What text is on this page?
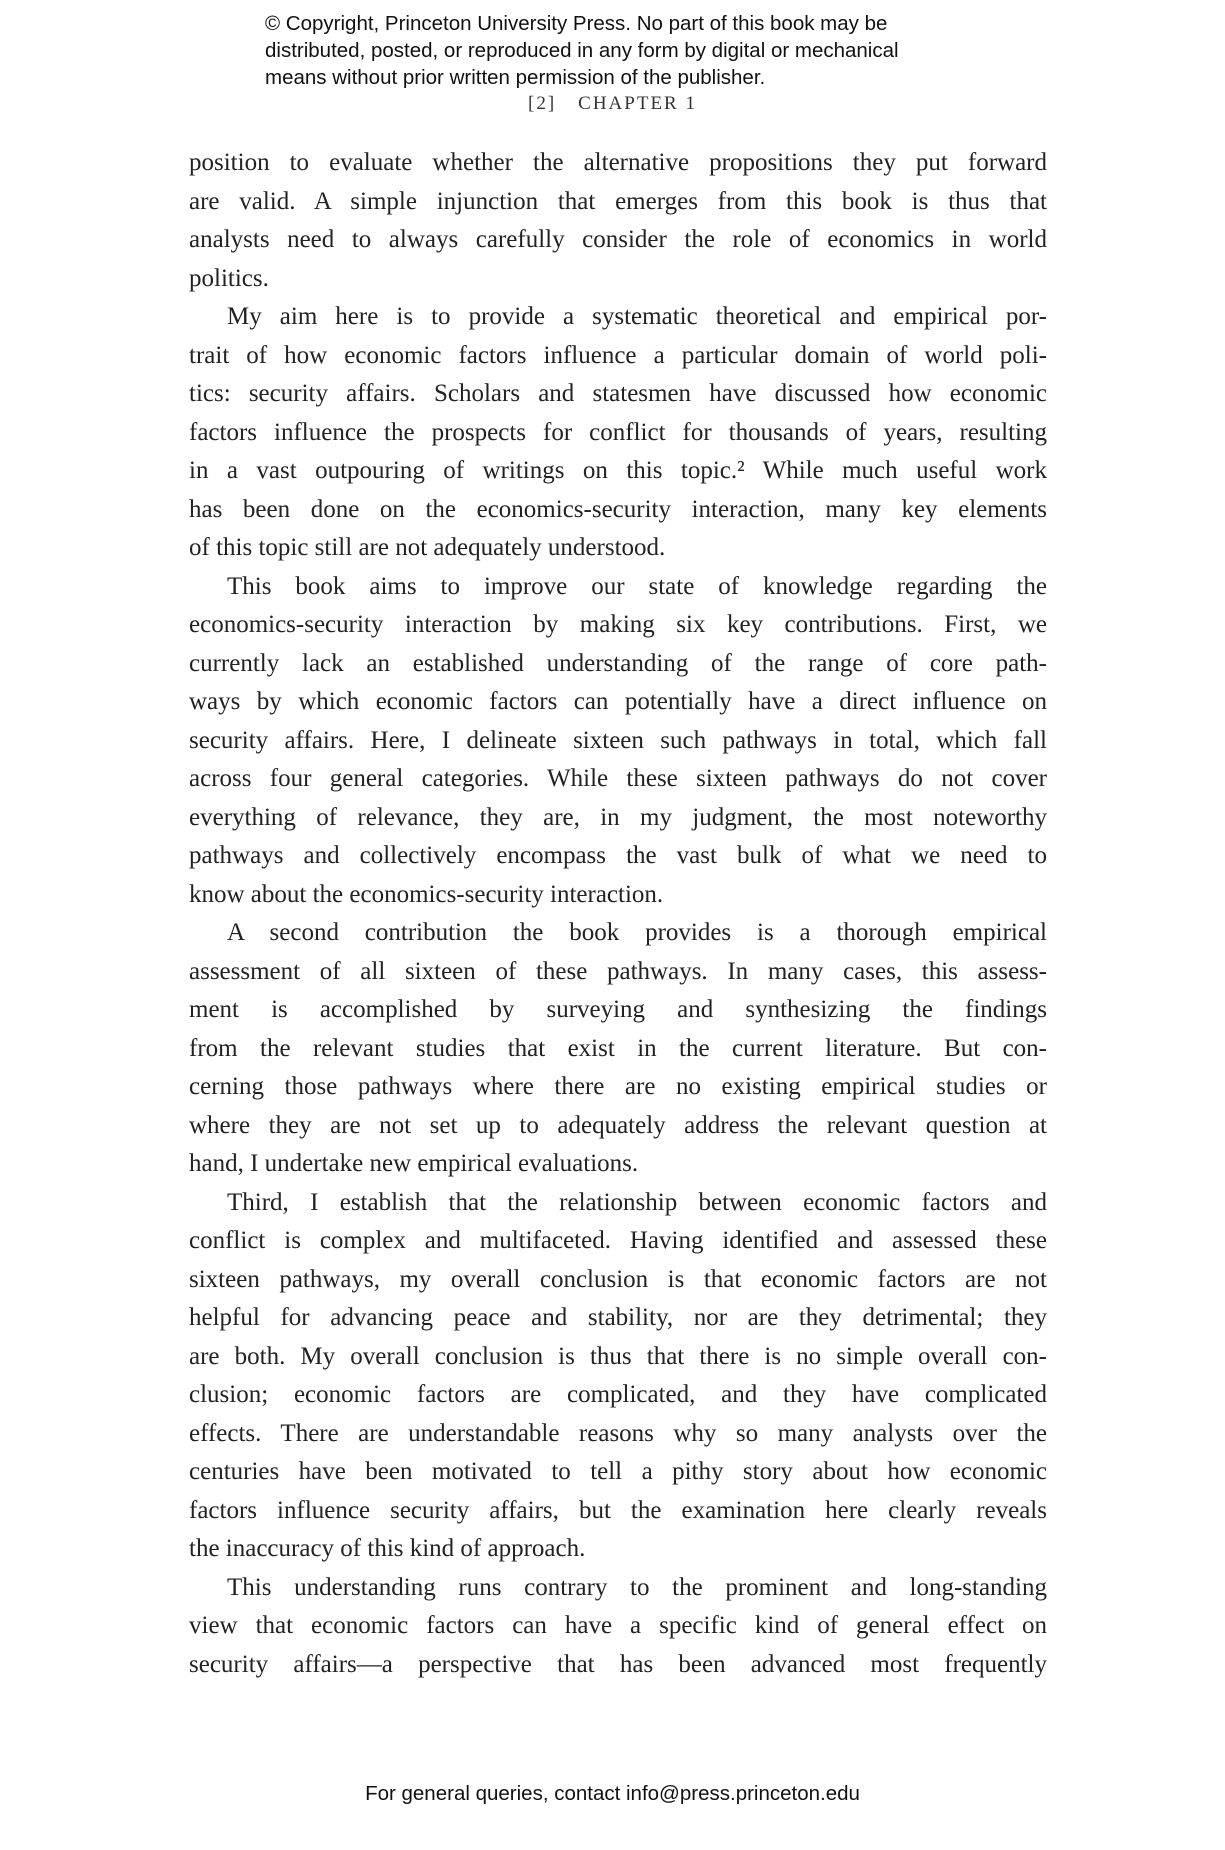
© Copyright, Princeton University Press. No part of this book may be
distributed, posted, or reproduced in any form by digital or mechanical
means without prior written permission of the publisher.
[2] CHAPTER 1
position to evaluate whether the alternative propositions they put forward
are valid. A simple injunction that emerges from this book is thus that
analysts need to always carefully consider the role of economics in world
politics.
My aim here is to provide a systematic theoretical and empirical por-
trait of how economic factors influence a particular domain of world poli-
tics: security affairs. Scholars and statesmen have discussed how economic
factors influence the prospects for conflict for thousands of years, resulting
in a vast outpouring of writings on this topic.² While much useful work
has been done on the economics-security interaction, many key elements
of this topic still are not adequately understood.
This book aims to improve our state of knowledge regarding the
economics-security interaction by making six key contributions. First, we
currently lack an established understanding of the range of core path-
ways by which economic factors can potentially have a direct influence on
security affairs. Here, I delineate sixteen such pathways in total, which fall
across four general categories. While these sixteen pathways do not cover
everything of relevance, they are, in my judgment, the most noteworthy
pathways and collectively encompass the vast bulk of what we need to
know about the economics-security interaction.
A second contribution the book provides is a thorough empirical
assessment of all sixteen of these pathways. In many cases, this assess-
ment is accomplished by surveying and synthesizing the findings
from the relevant studies that exist in the current literature. But con-
cerning those pathways where there are no existing empirical studies or
where they are not set up to adequately address the relevant question at
hand, I undertake new empirical evaluations.
Third, I establish that the relationship between economic factors and
conflict is complex and multifaceted. Having identified and assessed these
sixteen pathways, my overall conclusion is that economic factors are not
helpful for advancing peace and stability, nor are they detrimental; they
are both. My overall conclusion is thus that there is no simple overall con-
clusion; economic factors are complicated, and they have complicated
effects. There are understandable reasons why so many analysts over the
centuries have been motivated to tell a pithy story about how economic
factors influence security affairs, but the examination here clearly reveals
the inaccuracy of this kind of approach.
This understanding runs contrary to the prominent and long-standing
view that economic factors can have a specific kind of general effect on
security affairs—a perspective that has been advanced most frequently
For general queries, contact info@press.princeton.edu
